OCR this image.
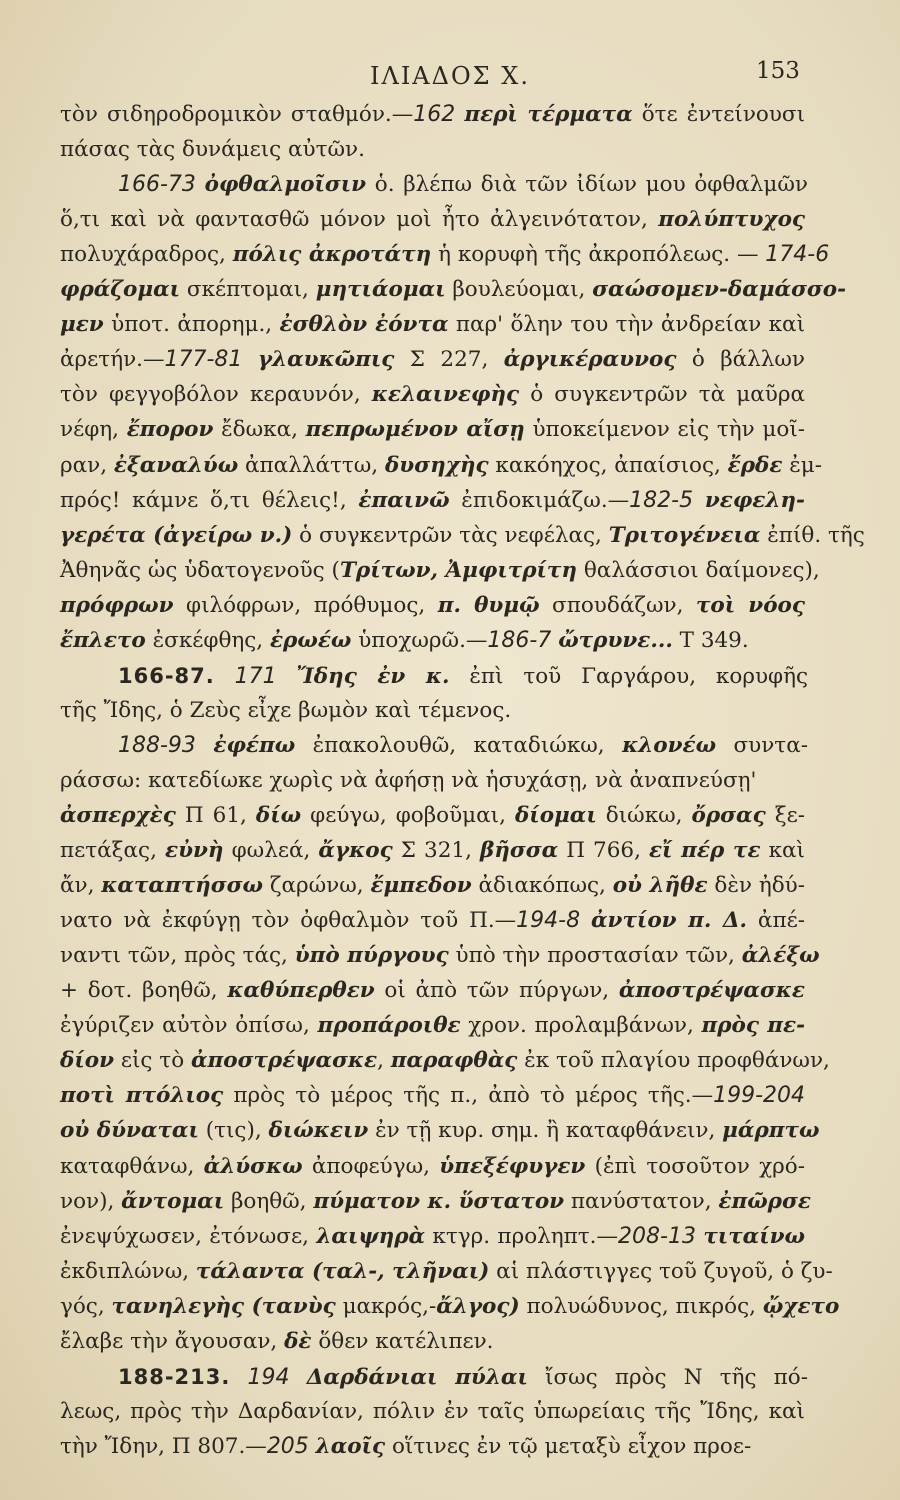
ΙΛΙΑΔΟΣ Χ.	153
τὸν σιδηροδρομικὸν σταθμόν.—162 περὶ τέρματα ὅτε ἐντείνουσι
πάσας τὰς δυνάμεις αὐτῶν.
166-73 ὀφθαλμοῖσιν ὁ. βλέπω διὰ τῶν ἰδίων μου ὀφθαλμῶν
ὅ,τι καὶ νὰ φαντασθῶ μόνον μοὶ ἦτο ἀλγεινότατον, πολύπτυχος
πολυχάραδρος, πόλις ἀκροτάτη ἡ κορυφὴ τῆς ἀκροπόλεως. — 174-6
φράζομαι σκέπτομαι, μητιάομαι βουλεύομαι, σαώσομεν-δαμάσσο-
μεν ὑποτ. ἀπορημ., ἐσθλὸν ἐόντα παρ' ὅλην του τὴν ἀνδρείαν καὶ
ἀρετήν.—177-81 γλαυκῶπις Σ 227, ἀργικέραυνος ὁ βάλλων
τὸν φεγγοβόλον κεραυνόν, κελαινεφὴς ὁ συγκεντρῶν τὰ μαῦρα
νέφη, ἔπορον ἔδωκα, πεπρωμένον αἴσῃ ὑποκείμενον εἰς τὴν μοῖ-
ραν, ἐξαναλύω ἀπαλλάττω, δυσηχὴς κακόηχος, ἀπαίσιος, ἔρδε ἐμ-
πρός! κάμνε ὅ,τι θέλεις!, ἐπαινῶ ἐπιδοκιμάζω.—182-5 νεφελη-
γερέτα (ἀγείρω ν.) ὁ συγκεντρῶν τὰς νεφέλας, Τριτογένεια ἐπίθ. τῆς
Ἀθηνᾶς ὡς ὑδατογενοῦς (Τρίτων, Ἀμφιτρίτη θαλάσσιοι δαίμονες),
πρόφρων φιλόφρων, πρόθυμος, π. θυμῷ σπουδάζων, τοὶ νόος
ἔπλετο ἐσκέφθης, ἐρωέω ὑποχωρῶ.—186-7 ὤτρυνε... Τ 349.
166-87. 171 Ἴδης ἐν κ. ἐπὶ τοῦ Γαργάρου, κορυφῆς
τῆς Ἴδης, ὁ Ζεὺς εἶχε βωμὸν καὶ τέμενος.
188-93 ἐφέπω ἐπακολουθῶ, καταδιώκω, κλονέω συντα-
ράσσω: κατεδίωκε χωρὶς νὰ ἀφήσῃ νὰ ἡσυχάσῃ, νὰ ἀναπνεύσῃ'
ἀσπερχὲς Π 61, δίω φεύγω, φοβοῦμαι, δίομαι διώκω, ὄρσας ξε-
πετάξας, εὐνὴ φωλεά, ἄγκος Σ 321, βῆσσα Π 766, εἴ πέρ τε καὶ
ἄν, καταπτήσσω ζαρώνω, ἔμπεδον ἀδιακόπως, οὐ λῆθε δὲν ἠδύ-
νατο νὰ ἐκφύγῃ τὸν ὀφθαλμὸν τοῦ Π.—194-8 ἀντίον π. Δ. ἀπέ-
ναντι τῶν, πρὸς τάς, ὑπὸ πύργους ὑπὸ τὴν προστασίαν τῶν, ἀλέξω
+ δοτ. βοηθῶ, καθύπερθεν οἱ ἀπὸ τῶν πύργων, ἀποστρέψασκε
ἐγύριζεν αὐτὸν ὀπίσω, προπάροιθε χρον. προλαμβάνων, πρὸς πε-
δίον εἰς τὸ ἀποστρέψασκε, παραφθὰς ἐκ τοῦ πλαγίου προφθάνων,
ποτὶ πτόλιος πρὸς τὸ μέρος τῆς π., ἀπὸ τὸ μέρος τῆς.—199-204
οὐ δύναται (τις), διώκειν ἐν τῇ κυρ. σημ. ἢ καταφθάνειν, μάρπτω
καταφθάνω, ἀλύσκω ἀποφεύγω, ὑπεξέφυγεν (ἐπὶ τοσοῦτον χρό-
νον), ἄντομαι βοηθῶ, πύματον κ. ὕστατον πανύστατον, ἐπῶρσε
ἐνεψύχωσεν, ἐτόνωσε, λαιψηρὰ κτγρ. προληπτ.—208-13 τιταίνω
ἐκδιπλώνω, τάλαντα (ταλ-, τλῆναι) αἱ πλάστιγγες τοῦ ζυγοῦ, ὁ ζυ-
γός, τανηλεγὴς (τανὺς μακρός,-ἄλγος) πολυώδυνος, πικρός, ᾤχετο
ἔλαβε τὴν ἄγουσαν, δὲ ὅθεν κατέλιπεν.
188-213. 194 Δαρδάνιαι πύλαι ἴσως πρὸς Ν τῆς πό-
λεως, πρὸς τὴν Δαρδανίαν, πόλιν ἐν ταῖς ὑπωρείαις τῆς Ἴδης, καὶ
τὴν Ἴδην, Π 807.—205 λαοῖς οἵτινες ἐν τῷ μεταξὺ εἶχον προε-
